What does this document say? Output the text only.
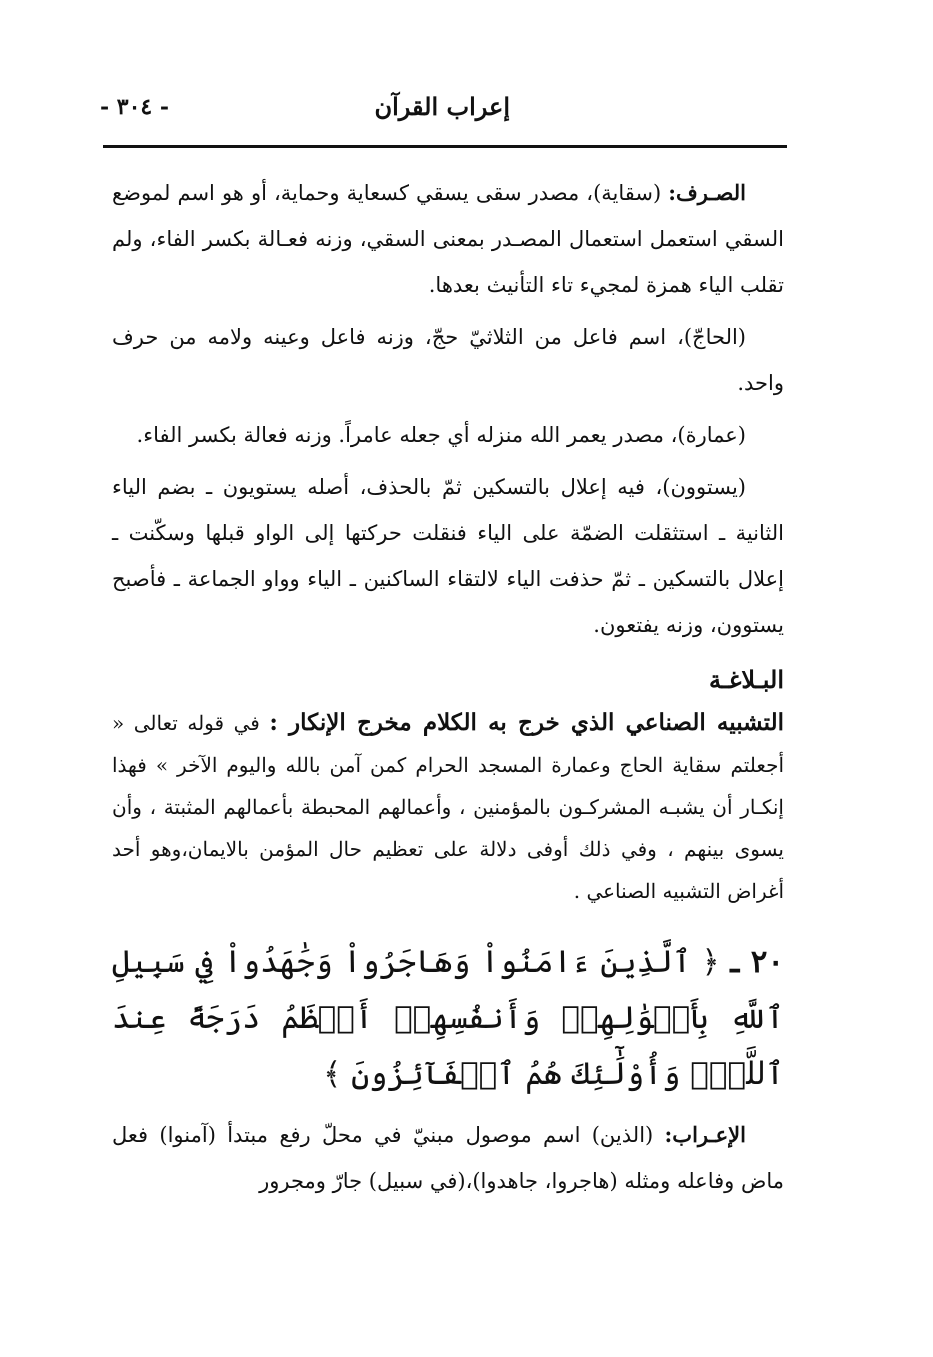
إعراب القرآن
- ٣٠٤ -

الصـرف: (سقاية)، مصدر سقى يسقي كسعاية وحماية، أو هو اسم لموضع السقي استعمل استعمال المصـدر بمعنى السقي، وزنه فعـالة بكسر الفاء، ولم تقلب الياء همزة لمجيء تاء التأنيث بعدها.

(الحاجّ)، اسم فاعل من الثلاثيّ حجّ، وزنه فاعل وعينه ولامه من حرف واحد.

(عمارة)، مصدر يعمر الله منزله أي جعله عامراً. وزنه فعالة بكسر الفاء.

(يستوون)، فيه إعلال بالتسكين ثمّ بالحذف، أصله يستويون ـ بضم الياء الثانية ـ استثقلت الضمّة على الياء فنقلت حركتها إلى الواو قبلها وسكّنت ـ إعلال بالتسكين ـ ثمّ حذفت الياء لالتقاء الساكنين ـ الياء وواو الجماعة ـ فأصبح يستوون، وزنه يفتعون.

البـلاغـة

التشبيه الصناعي الذي خرج به الكلام مخرج الإنكار : في قوله تعالى « أجعلتم سقاية الحاج وعمارة المسجد الحرام كمن آمن بالله واليوم الآخر » فهذا إنكـار أن يشبـه المشركـون بالمؤمنين ، وأعمالهم المحبطة بأعمالهم المثبتة ، وأن يسوى بينهم ، وفي ذلك أوفى دلالة على تعظيم حال المؤمن بالايمان،وهو أحد أغراض التشبيه الصناعي .

٢٠ ـ ﴿ ٱلَّذِينَ ءَامَنُواْ وَهَاجَرُواْ وَجَٰهَدُواْ فِي سَبِيلِ ٱللَّهِ بِأَمۡوَٰلِهِمۡ وَأَنفُسِهِمۡ أَعۡظَمُ دَرَجَةً عِندَ ٱللَّهِۚ وَأُوْلَٰٓئِكَ هُمُ ٱلۡفَآئِزُونَ ﴾

الإعـراب: (الذين) اسم موصول مبنيّ في محلّ رفع مبتدأ (آمنوا) فعل ماض وفاعله ومثله (هاجروا، جاهدوا)،(في سبيل) جارّ ومجرور
